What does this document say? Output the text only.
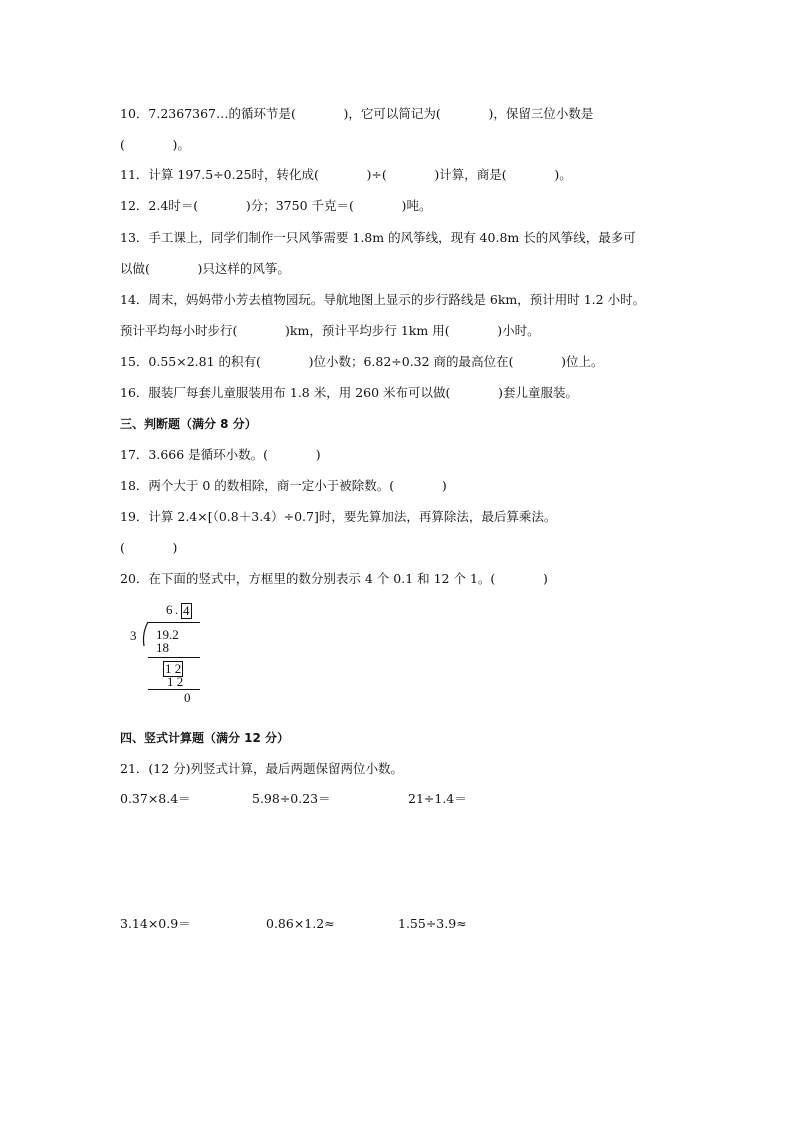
10．7.2367367…的循环节是(            )，它可以简记为(            )，保留三位小数是
(            )。
11．计算 197.5÷0.25时，转化成(            )÷(            )计算，商是(            )。
12．2.4时＝(            )分；3750 千克＝(            )吨。
13．手工课上，同学们制作一只风筝需要 1.8m 的风筝线，现有 40.8m 长的风筝线，最多可
以做(            )只这样的风筝。
14．周末，妈妈带小芳去植物园玩。导航地图上显示的步行路线是 6km，预计用时 1.2 小时。
预计平均每小时步行(            )km，预计平均步行 1km 用(            )小时。
15．0.55×2.81 的积有(            )位小数；6.82÷0.32 商的最高位在(            )位上。
16．服装厂每套儿童服装用布 1.8 米，用 260 米布可以做(            )套儿童服装。
三、判断题（满分 8 分）
17．3.666 是循环小数。(            )
18．两个大于 0 的数相除，商一定小于被除数。(            )
19．计算 2.4×[（0.8＋3.4）÷0.7]时，要先算加法，再算除法，最后算乘法。
(            )
20．在下面的竖式中，方框里的数分别表示 4 个 0.1 和 12 个 1。(            )
6 . 4
3 19.2
18
1 2
1 2
0
四、竖式计算题（满分 12 分）
21．(12 分)列竖式计算，最后两题保留两位小数。
0.37×8.4＝	5.98÷0.23＝	21÷1.4＝
3.14×0.9＝	0.86×1.2≈	1.55÷3.9≈
